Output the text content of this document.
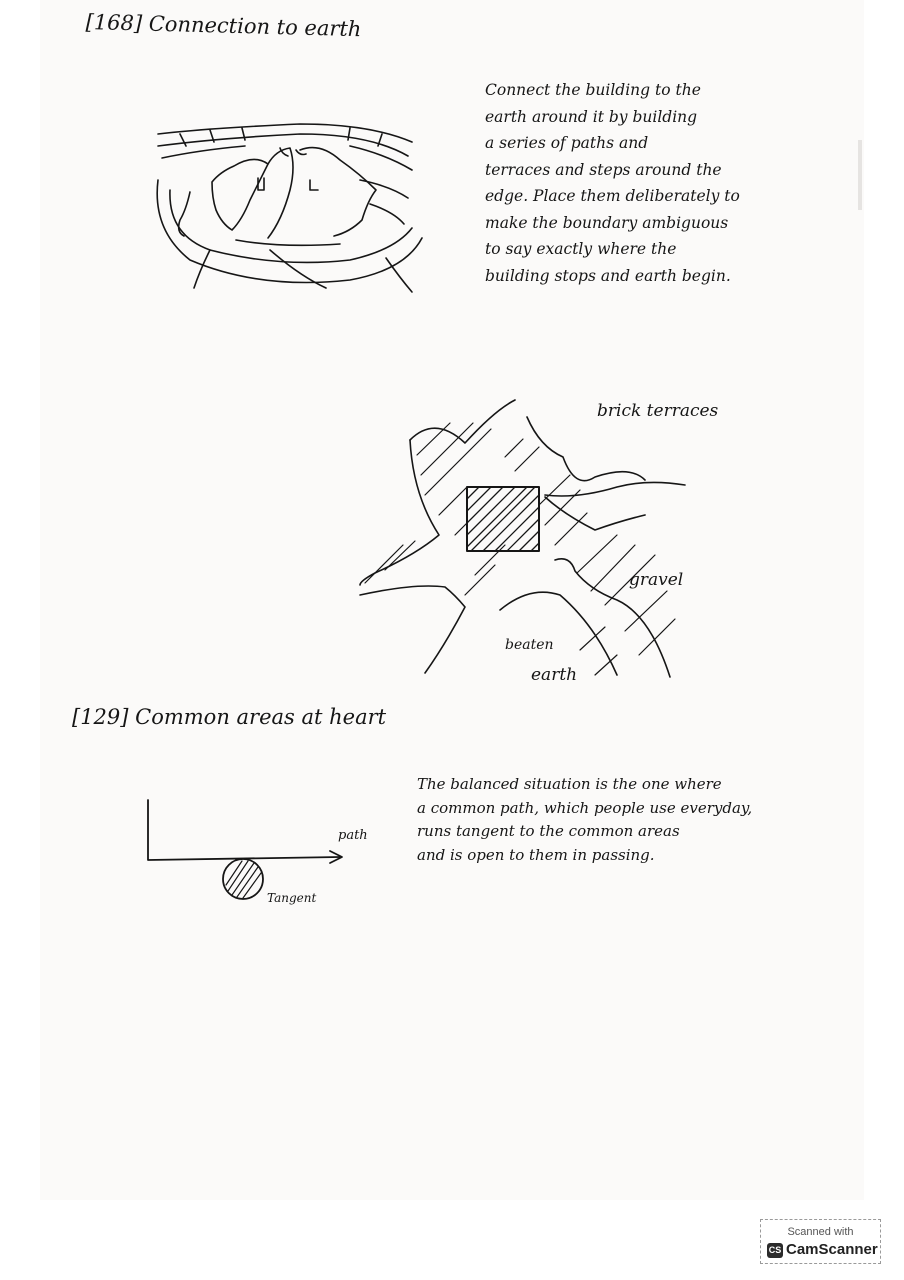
[168] Connection to earth
Connect the building to the
earth around it by building
a series of paths and
terraces and steps around the
edge. Place them deliberately to
make the boundary ambiguous
to say exactly where the
building stops and earth begin.
brick terraces
gravel
beaten
earth
[129] Common areas at heart
path
Tangent
The balanced situation is the one where
a common path, which people use everyday,
runs tangent to the common areas
and is open to them in passing.
Scanned with
CS CamScanner
